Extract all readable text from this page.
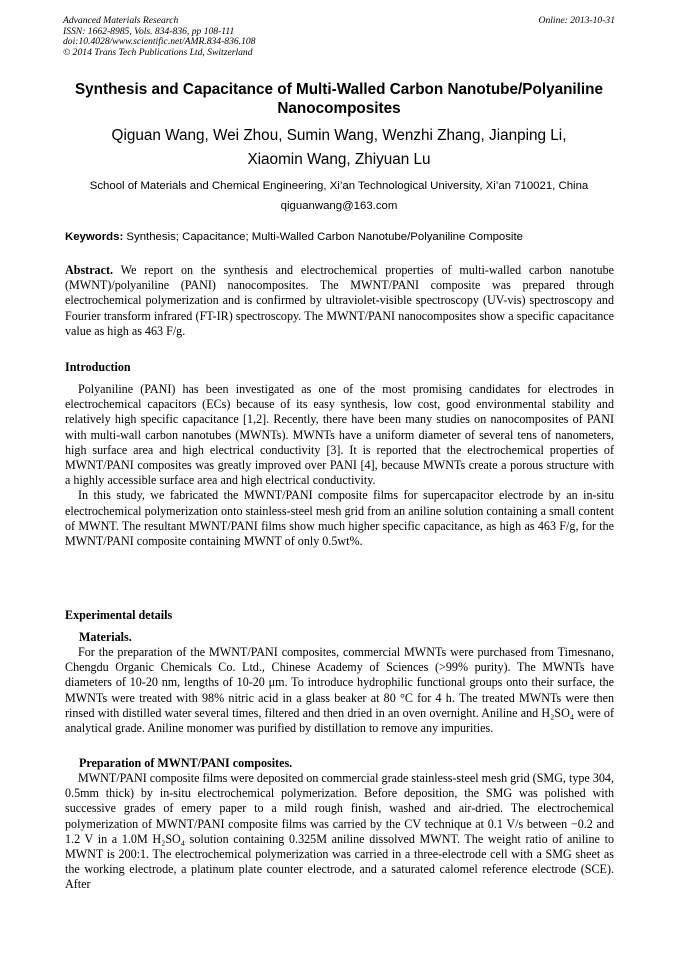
Advanced Materials Research
ISSN: 1662-8985, Vols. 834-836, pp 108-111
doi:10.4028/www.scientific.net/AMR.834-836.108
© 2014 Trans Tech Publications Ltd, Switzerland
Online: 2013-10-31
Synthesis and Capacitance of Multi-Walled Carbon Nanotube/Polyaniline
Nanocomposites
Qiguan Wang, Wei Zhou, Sumin Wang, Wenzhi Zhang, Jianping Li,
Xiaomin Wang, Zhiyuan Lu
School of Materials and Chemical Engineering, Xi’an Technological University, Xi’an 710021, China
qiguanwang@163.com
Keywords: Synthesis; Capacitance; Multi-Walled Carbon Nanotube/Polyaniline Composite

Abstract. We report on the synthesis and electrochemical properties of multi-walled carbon nanotube (MWNT)/polyaniline (PANI) nanocomposites. The MWNT/PANI composite was prepared through electrochemical polymerization and is confirmed by ultraviolet-visible spectroscopy (UV-vis) spectroscopy and Fourier transform infrared (FT-IR) spectroscopy. The MWNT/PANI nanocomposites show a specific capacitance value as high as 463 F/g.

Introduction

Polyaniline (PANI) has been investigated as one of the most promising candidates for electrodes in electrochemical capacitors (ECs) because of its easy synthesis, low cost, good environmental stability and relatively high specific capacitance [1,2]. Recently, there have been many studies on nanocomposites of PANI with multi-wall carbon nanotubes (MWNTs). MWNTs have a uniform diameter of several tens of nanometers, high surface area and high electrical conductivity [3]. It is reported that the electrochemical properties of MWNT/PANI composites was greatly improved over PANI [4], because MWNTs create a porous structure with a highly accessible surface area and high electrical conductivity.

In this study, we fabricated the MWNT/PANI composite films for supercapacitor electrode by an in-situ electrochemical polymerization onto stainless-steel mesh grid from an aniline solution containing a small content of MWNT. The resultant MWNT/PANI films show much higher specific capacitance, as high as 463 F/g, for the MWNT/PANI composite containing MWNT of only 0.5wt%.

Experimental details
Materials.

For the preparation of the MWNT/PANI composites, commercial MWNTs were purchased from Timesnano, Chengdu Organic Chemicals Co. Ltd., Chinese Academy of Sciences (>99% purity). The MWNTs have diameters of 10-20 nm, lengths of 10-20 μm. To introduce hydrophilic functional groups onto their surface, the MWNTs were treated with 98% nitric acid in a glass beaker at 80 °C for 4 h. The treated MWNTs were then rinsed with distilled water several times, filtered and then dried in an oven overnight. Aniline and H₂SO₄ were of analytical grade. Aniline monomer was purified by distillation to remove any impurities.

Preparation of MWNT/PANI composites.

MWNT/PANI composite films were deposited on commercial grade stainless-steel mesh grid (SMG, type 304, 0.5mm thick) by in-situ electrochemical polymerization. Before deposition, the SMG was polished with successive grades of emery paper to a mild rough finish, washed and air-dried. The electrochemical polymerization of MWNT/PANI composite films was carried by the CV technique at 0.1 V/s between −0.2 and 1.2 V in a 1.0M H₂SO₄ solution containing 0.325M aniline dissolved MWNT. The weight ratio of aniline to MWNT is 200:1. The electrochemical polymerization was carried in a three-electrode cell with a SMG sheet as the working electrode, a platinum plate counter electrode, and a saturated calomel reference electrode (SCE). After
